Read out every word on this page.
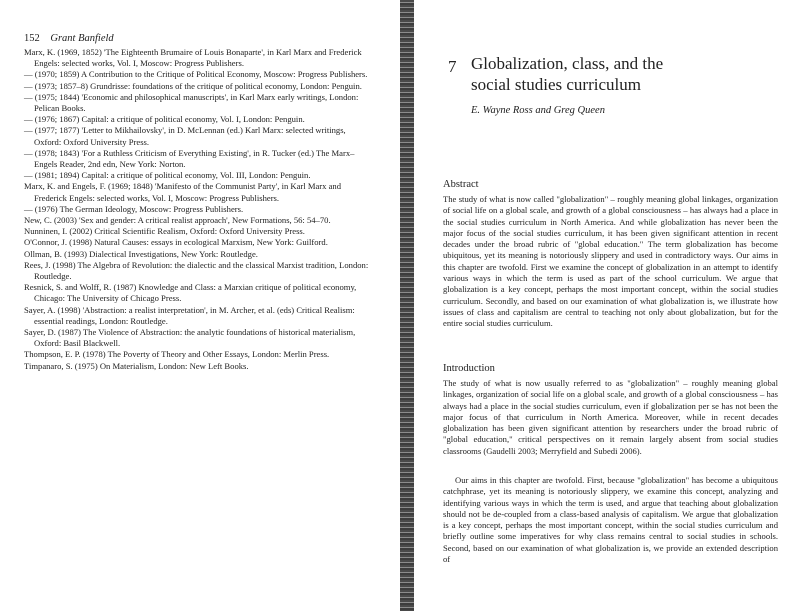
152 Grant Banfield

Marx, K. (1969, 1852) 'The Eighteenth Brumaire of Louis Bonaparte', in Karl Marx and Frederick Engels: selected works, Vol. I, Moscow: Progress Publishers.

— (1970; 1859) A Contribution to the Critique of Political Economy, Moscow: Progress Publishers.

— (1973; 1857–8) Grundrisse: foundations of the critique of political economy, London: Penguin.

— (1975; 1844) 'Economic and philosophical manuscripts', in Karl Marx early writings, London: Pelican Books.

— (1976; 1867) Capital: a critique of political economy, Vol. I, London: Penguin.

— (1977; 1877) 'Letter to Mikhailovsky', in D. McLennan (ed.) Karl Marx: selected writings, Oxford: Oxford University Press.

— (1978; 1843) 'For a Ruthless Criticism of Everything Existing', in R. Tucker (ed.) The Marx–Engels Reader, 2nd edn, New York: Norton.

— (1981; 1894) Capital: a critique of political economy, Vol. III, London: Penguin.

Marx, K. and Engels, F. (1969; 1848) 'Manifesto of the Communist Party', in Karl Marx and Frederick Engels: selected works, Vol. I, Moscow: Progress Publishers.

— (1976) The German Ideology, Moscow: Progress Publishers.

New, C. (2003) 'Sex and gender: A critical realist approach', New Formations, 56: 54–70.

Nunninen, I. (2002) Critical Scientific Realism, Oxford: Oxford University Press.

O'Connor, J. (1998) Natural Causes: essays in ecological Marxism, New York: Guilford.

Ollman, B. (1993) Dialectical Investigations, New York: Routledge.

Rees, J. (1998) The Algebra of Revolution: the dialectic and the classical Marxist tradition, London: Routledge.

Resnick, S. and Wolff, R. (1987) Knowledge and Class: a Marxian critique of political economy, Chicago: The University of Chicago Press.

Sayer, A. (1998) 'Abstraction: a realist interpretation', in M. Archer, et al. (eds) Critical Realism: essential readings, London: Routledge.

Sayer, D. (1987) The Violence of Abstraction: the analytic foundations of historical materialism, Oxford: Basil Blackwell.

Thompson, E. P. (1978) The Poverty of Theory and Other Essays, London: Merlin Press.

Timpanaro, S. (1975) On Materialism, London: New Left Books.

7 Globalization, class, and the social studies curriculum
E. Wayne Ross and Greg Queen
Abstract

The study of what is now called "globalization" – roughly meaning global linkages, organization of social life on a global scale, and growth of a global consciousness – has always had a place in the social studies curriculum in North America. And while globalization has never been the major focus of the social studies curriculum, it has been given significant attention in recent decades under the broad rubric of "global education." The term globalization has become ubiquitous, yet its meaning is notoriously slippery and used in contradictory ways. Our aims in this chapter are twofold. First we examine the concept of globalization in an attempt to identify various ways in which the term is used as part of the school curriculum. We argue that globalization is a key concept, perhaps the most important concept, within the social studies curriculum. Secondly, and based on our examination of what globalization is, we illustrate how issues of class and capitalism are central to teaching not only about globalization, but for the entire social studies curriculum.

Introduction

The study of what is now usually referred to as "globalization" – roughly meaning global linkages, organization of social life on a global scale, and growth of a global consciousness – has always had a place in the social studies curriculum, even if globalization per se has not been the major focus of that curriculum in North America. Moreover, while in recent decades globalization has been given significant attention by researchers under the broad rubric of "global education," critical perspectives on it remain largely absent from social studies classrooms (Gaudelli 2003; Merryfield and Subedi 2006).

Our aims in this chapter are twofold. First, because "globalization" has become a ubiquitous catchphrase, yet its meaning is notoriously slippery, we examine this concept, analyzing and identifying various ways in which the term is used, and argue that teaching about globalization should not be de-coupled from a class-based analysis of capitalism. We argue that globalization is a key concept, perhaps the most important concept, within the social studies curriculum and briefly outline some imperatives for why class remains central to social studies in schools. Second, based on our examination of what globalization is, we provide an extended description of
